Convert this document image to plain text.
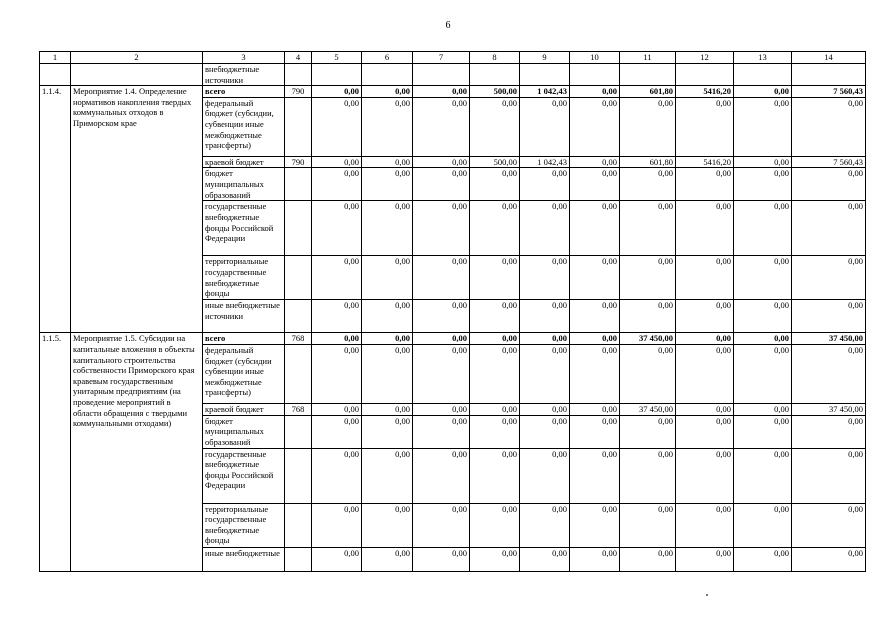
6
1	2	3	4	5	6	7	8	9	10	11	12	13	14
		внебюджетные источники											
1.1.4.	Мероприятие 1.4. Определение нормативов накопления твердых коммунальных отходов в Приморском крае	всего	790	0,00	0,00	0,00	500,00	1 042,43	0,00	601,80	5416,20	0,00	7 560,43
		федеральный бюджет (субсидии, субвенции иные межбюджетные трансферты)		0,00	0,00	0,00	0,00	0,00	0,00	0,00	0,00	0,00	0,00
		краевой бюджет	790	0,00	0,00	0,00	500,00	1 042,43	0,00	601,80	5416,20	0,00	7 560,43
		бюджет муниципальных образований		0,00	0,00	0,00	0,00	0,00	0,00	0,00	0,00	0,00	0,00
		государственные внебюджетные фонды Российской Федерации		0,00	0,00	0,00	0,00	0,00	0,00	0,00	0,00	0,00	0,00
		территориальные государственные внебюджетные фонды		0,00	0,00	0,00	0,00	0,00	0,00	0,00	0,00	0,00	0,00
		иные внебюджетные источники		0,00	0,00	0,00	0,00	0,00	0,00	0,00	0,00	0,00	0,00
1.1.5.	Мероприятие 1.5. Субсидии на капитальные вложения в объекты капитального строительства собственности Приморского края кравевым государственным унитарным предприятиям (на проведение мероприятий в области обращения с твердыми коммунальными отходами)	всего	768	0,00	0,00	0,00	0,00	0,00	0,00	37 450,00	0,00	0,00	37 450,00
		федеральный бюджет (субсидии субвенции иные межбюджетные трансферты)		0,00	0,00	0,00	0,00	0,00	0,00	0,00	0,00	0,00	0,00
		краевой бюджет	768	0,00	0,00	0,00	0,00	0,00	0,00	37 450,00	0,00	0,00	37 450,00
		бюджет муниципальных образований		0,00	0,00	0,00	0,00	0,00	0,00	0,00	0,00	0,00	0,00
		государственные внебюджетные фонды Российской Федерации		0,00	0,00	0,00	0,00	0,00	0,00	0,00	0,00	0,00	0,00
		территориальные государственные внебюджетные фонды		0,00	0,00	0,00	0,00	0,00	0,00	0,00	0,00	0,00	0,00
		иные внебюджетные		0,00	0,00	0,00	0,00	0,00	0,00	0,00	0,00	0,00	0,00
